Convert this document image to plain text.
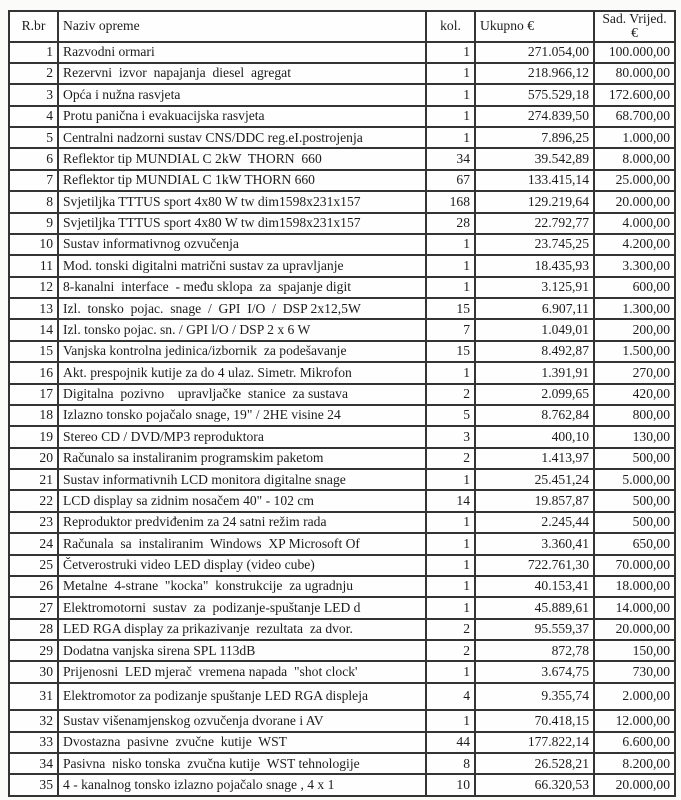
R.br	Naziv opreme	kol.	Ukupno €	Sad. Vrijed. €
1	Razvodni ormari	1	271.054,00	100.000,00
2	Rezervni  izvor  napajanja  diesel  agregat	1	218.966,12	80.000,00
3	Opća i nužna rasvjeta	1	575.529,18	172.600,00
4	Protu panična i evakuacijska rasvjeta	1	274.839,50	68.700,00
5	Centralni nadzorni sustav CNS/DDC reg.eI.postrojenja	1	7.896,25	1.000,00
6	Reflektor tip MUNDIAL C 2kW  THORN  660	34	39.542,89	8.000,00
7	Reflektor tip MUNDIAL C 1kW THORN 660	67	133.415,14	25.000,00
8	Svjetiljka TTTUS sport 4x80 W tw dim1598x231x157	168	129.219,64	20.000,00
9	Svjetiljka TTTUS sport 4x80 W tw dim1598x231x157	28	22.792,77	4.000,00
10	Sustav informativnog ozvučenja	1	23.745,25	4.200,00
11	Mod. tonski digitalni matrični sustav za upravljanje	1	18.435,93	3.300,00
12	8-kanalni  interface  - među sklopa  za  spajanje digit	1	3.125,91	600,00
13	Izl.  tonsko  pojac.  snage  /  GPI  I/O  /  DSP 2x12,5W	15	6.907,11	1.300,00
14	Izl. tonsko pojac. sn. / GPI l/O / DSP 2 x 6 W	7	1.049,01	200,00
15	Vanjska kontrolna jedinica/izbornik  za podešavanje	15	8.492,87	1.500,00
16	Akt. prespojnik kutije za do 4 ulaz. Simetr. Mikrofon	1	1.391,91	270,00
17	Digitalna  pozivno    upravljačke  stanice  za sustava	2	2.099,65	420,00
18	Izlazno tonsko pojačalo snage, 19" / 2HE visine 24	5	8.762,84	800,00
19	Stereo CD / DVD/MP3 reproduktora	3	400,10	130,00
20	Računalo sa instaliranim programskim paketom	2	1.413,97	500,00
21	Sustav informativnih LCD monitora digitalne snage	1	25.451,24	5.000,00
22	LCD display sa zidnim nosačem 40" - 102 cm	14	19.857,87	500,00
23	Reproduktor predviđenim za 24 satni režim rada	1	2.245,44	500,00
24	Računala  sa  instaliranim  Windows  XP Microsoft Of	1	3.360,41	650,00
25	Četverostruki video LED display (video cube)	1	722.761,30	70.000,00
26	Metalne  4-strane  "kocka"  konstrukcije  za ugradnju	1	40.153,41	18.000,00
27	Elektromotorni  sustav  za  podizanje-spuštanje LED d	1	45.889,61	14.000,00
28	LED RGA display za prikazivanje  rezultata  za dvor.	2	95.559,37	20.000,00
29	Dodatna vanjska sirena SPL 113dB	2	872,78	150,00
30	Prijenosni  LED mjerač  vremena napada  "shot clock'	1	3.674,75	730,00
31	Elektromotor za podizanje spuštanje LED RGA displeja	4	9.355,74	2.000,00
32	Sustav višenamjenskog ozvučenja dvorane i AV	1	70.418,15	12.000,00
33	Dvostazna  pasivne  zvučne  kutije  WST	44	177.822,14	6.600,00
34	Pasivna  nisko tonska  zvučna kutije  WST tehnologije	8	26.528,21	8.200,00
35	4 - kanalnog tonsko izlazno pojačalo snage , 4 x 1	10	66.320,53	20.000,00
